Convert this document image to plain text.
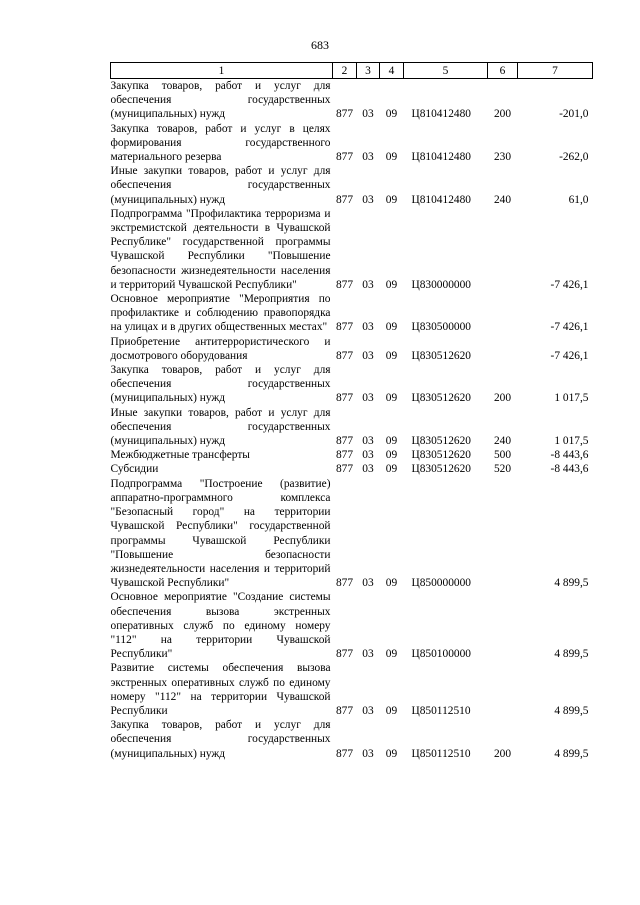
683
1	2	3	4	5	6	7
Закупка товаров, работ и услуг для обеспечения государственных (муниципальных) нужд	877	03	09	Ц810412480	200	-201,0
Закупка товаров, работ и услуг в целях формирования государственного материального резерва	877	03	09	Ц810412480	230	-262,0
Иные закупки товаров, работ и услуг для обеспечения государственных (муниципальных) нужд	877	03	09	Ц810412480	240	61,0
Подпрограмма "Профилактика терроризма и экстремистской деятельности в Чувашской Республике" государственной программы Чувашской Республики "Повышение безопасности жизнедеятельности населения и территорий Чувашской Республики"	877	03	09	Ц830000000		-7 426,1
Основное мероприятие "Мероприятия по профилактике и соблюдению правопорядка на улицах и в других общественных местах"	877	03	09	Ц830500000		-7 426,1
Приобретение антитеррористического и досмотрового оборудования	877	03	09	Ц830512620		-7 426,1
Закупка товаров, работ и услуг для обеспечения государственных (муниципальных) нужд	877	03	09	Ц830512620	200	1 017,5
Иные закупки товаров, работ и услуг для обеспечения государственных (муниципальных) нужд	877	03	09	Ц830512620	240	1 017,5
Межбюджетные трансферты	877	03	09	Ц830512620	500	-8 443,6
Субсидии	877	03	09	Ц830512620	520	-8 443,6
Подпрограмма "Построение (развитие) аппаратно-программного комплекса "Безопасный город" на территории Чувашской Республики" государственной программы Чувашской Республики "Повышение безопасности жизнедеятельности населения и территорий Чувашской Республики"	877	03	09	Ц850000000		4 899,5
Основное мероприятие "Создание системы обеспечения вызова экстренных оперативных служб по единому номеру "112" на территории Чувашской Республики"	877	03	09	Ц850100000		4 899,5
Развитие системы обеспечения вызова экстренных оперативных служб по единому номеру "112" на территории Чувашской Республики	877	03	09	Ц850112510		4 899,5
Закупка товаров, работ и услуг для обеспечения государственных (муниципальных) нужд	877	03	09	Ц850112510	200	4 899,5
